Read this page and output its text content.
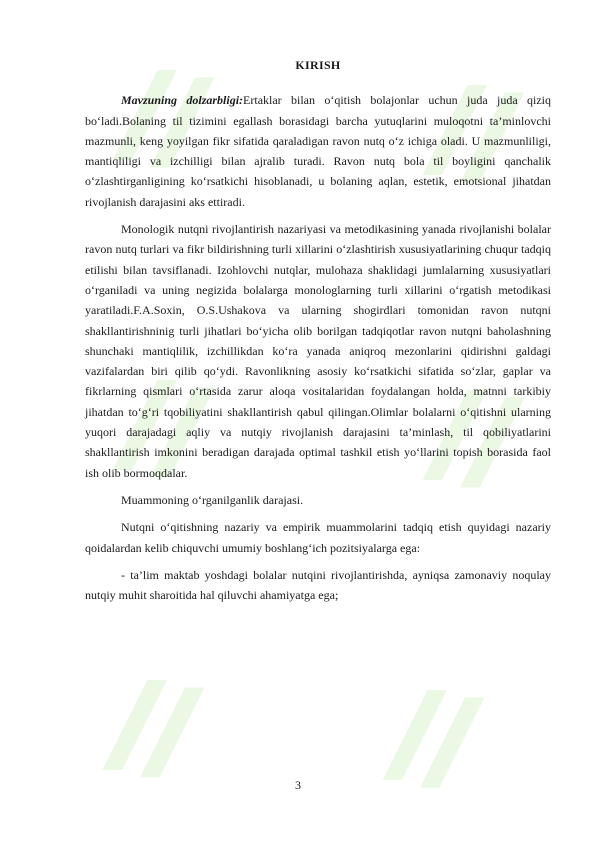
KIRISH

Mavzuning dolzarbligi:Ertaklar bilan o‘qitish bolajonlar uchun juda juda qiziq bo‘ladi.Bolaning til tizimini egallash borasidagi barcha yutuqlarini muloqotni ta’minlovchi mazmunli, keng yoyilgan fikr sifatida qaraladigan ravon nutq o‘z ichiga oladi. U mazmunliligi, mantiqliligi va izchilligi bilan ajralib turadi. Ravon nutq bola til boyligini qanchalik o‘zlashtirganligining ko‘rsatkichi hisoblanadi, u bolaning aqlan, estetik, emotsional jihatdan rivojlanish darajasini aks ettiradi.

Monologik nutqni rivojlantirish nazariyasi va metodikasining yanada rivojlanishi bolalar ravon nutq turlari va fikr bildirishning turli xillarini o‘zlashtirish xususiyatlarining chuqur tadqiq etilishi bilan tavsiflanadi. Izohlovchi nutqlar, mulohaza shaklidagi jumlalarning xususiyatlari o‘rganiladi va uning negizida bolalarga monologlarning turli xillarini o‘rgatish metodikasi yaratiladi.F.A.Soxin, O.S.Ushakova va ularning shogirdlari tomonidan ravon nutqni shakllantirishninig turli jihatlari bo‘yicha olib borilgan tadqiqotlar ravon nutqni baholashning shunchaki mantiqlilik, izchillikdan ko‘ra yanada aniqroq mezonlarini qidirishni galdagi vazifalardan biri qilib qo‘ydi. Ravonlikning asosiy ko‘rsatkichi sifatida so‘zlar, gaplar va fikrlarning qismlari o‘rtasida zarur aloqa vositalaridan foydalangan holda, matnni tarkibiy jihatdan to‘g‘ri tqobiliyatini shakllantirish qabul qilingan.Olimlar bolalarni o‘qitishni ularning yuqori darajadagi aqliy va nutqiy rivojlanish darajasini ta’minlash, til qobiliyatlarini shakllantirish imkonini beradigan darajada optimal tashkil etish yo‘llarini topish borasida faol ish olib bormoqdalar.

Muammoning o‘rganilganlik darajasi.

Nutqni o‘qitishning nazariy va empirik muammolarini tadqiq etish quyidagi nazariy qoidalardan kelib chiquvchi umumiy boshlang‘ich pozitsiyalarga ega:

- ta’lim maktab yoshdagi bolalar nutqini rivojlantirishda, ayniqsa zamonaviy noqulay nutqiy muhit sharoitida hal qiluvchi ahamiyatga ega;

3
